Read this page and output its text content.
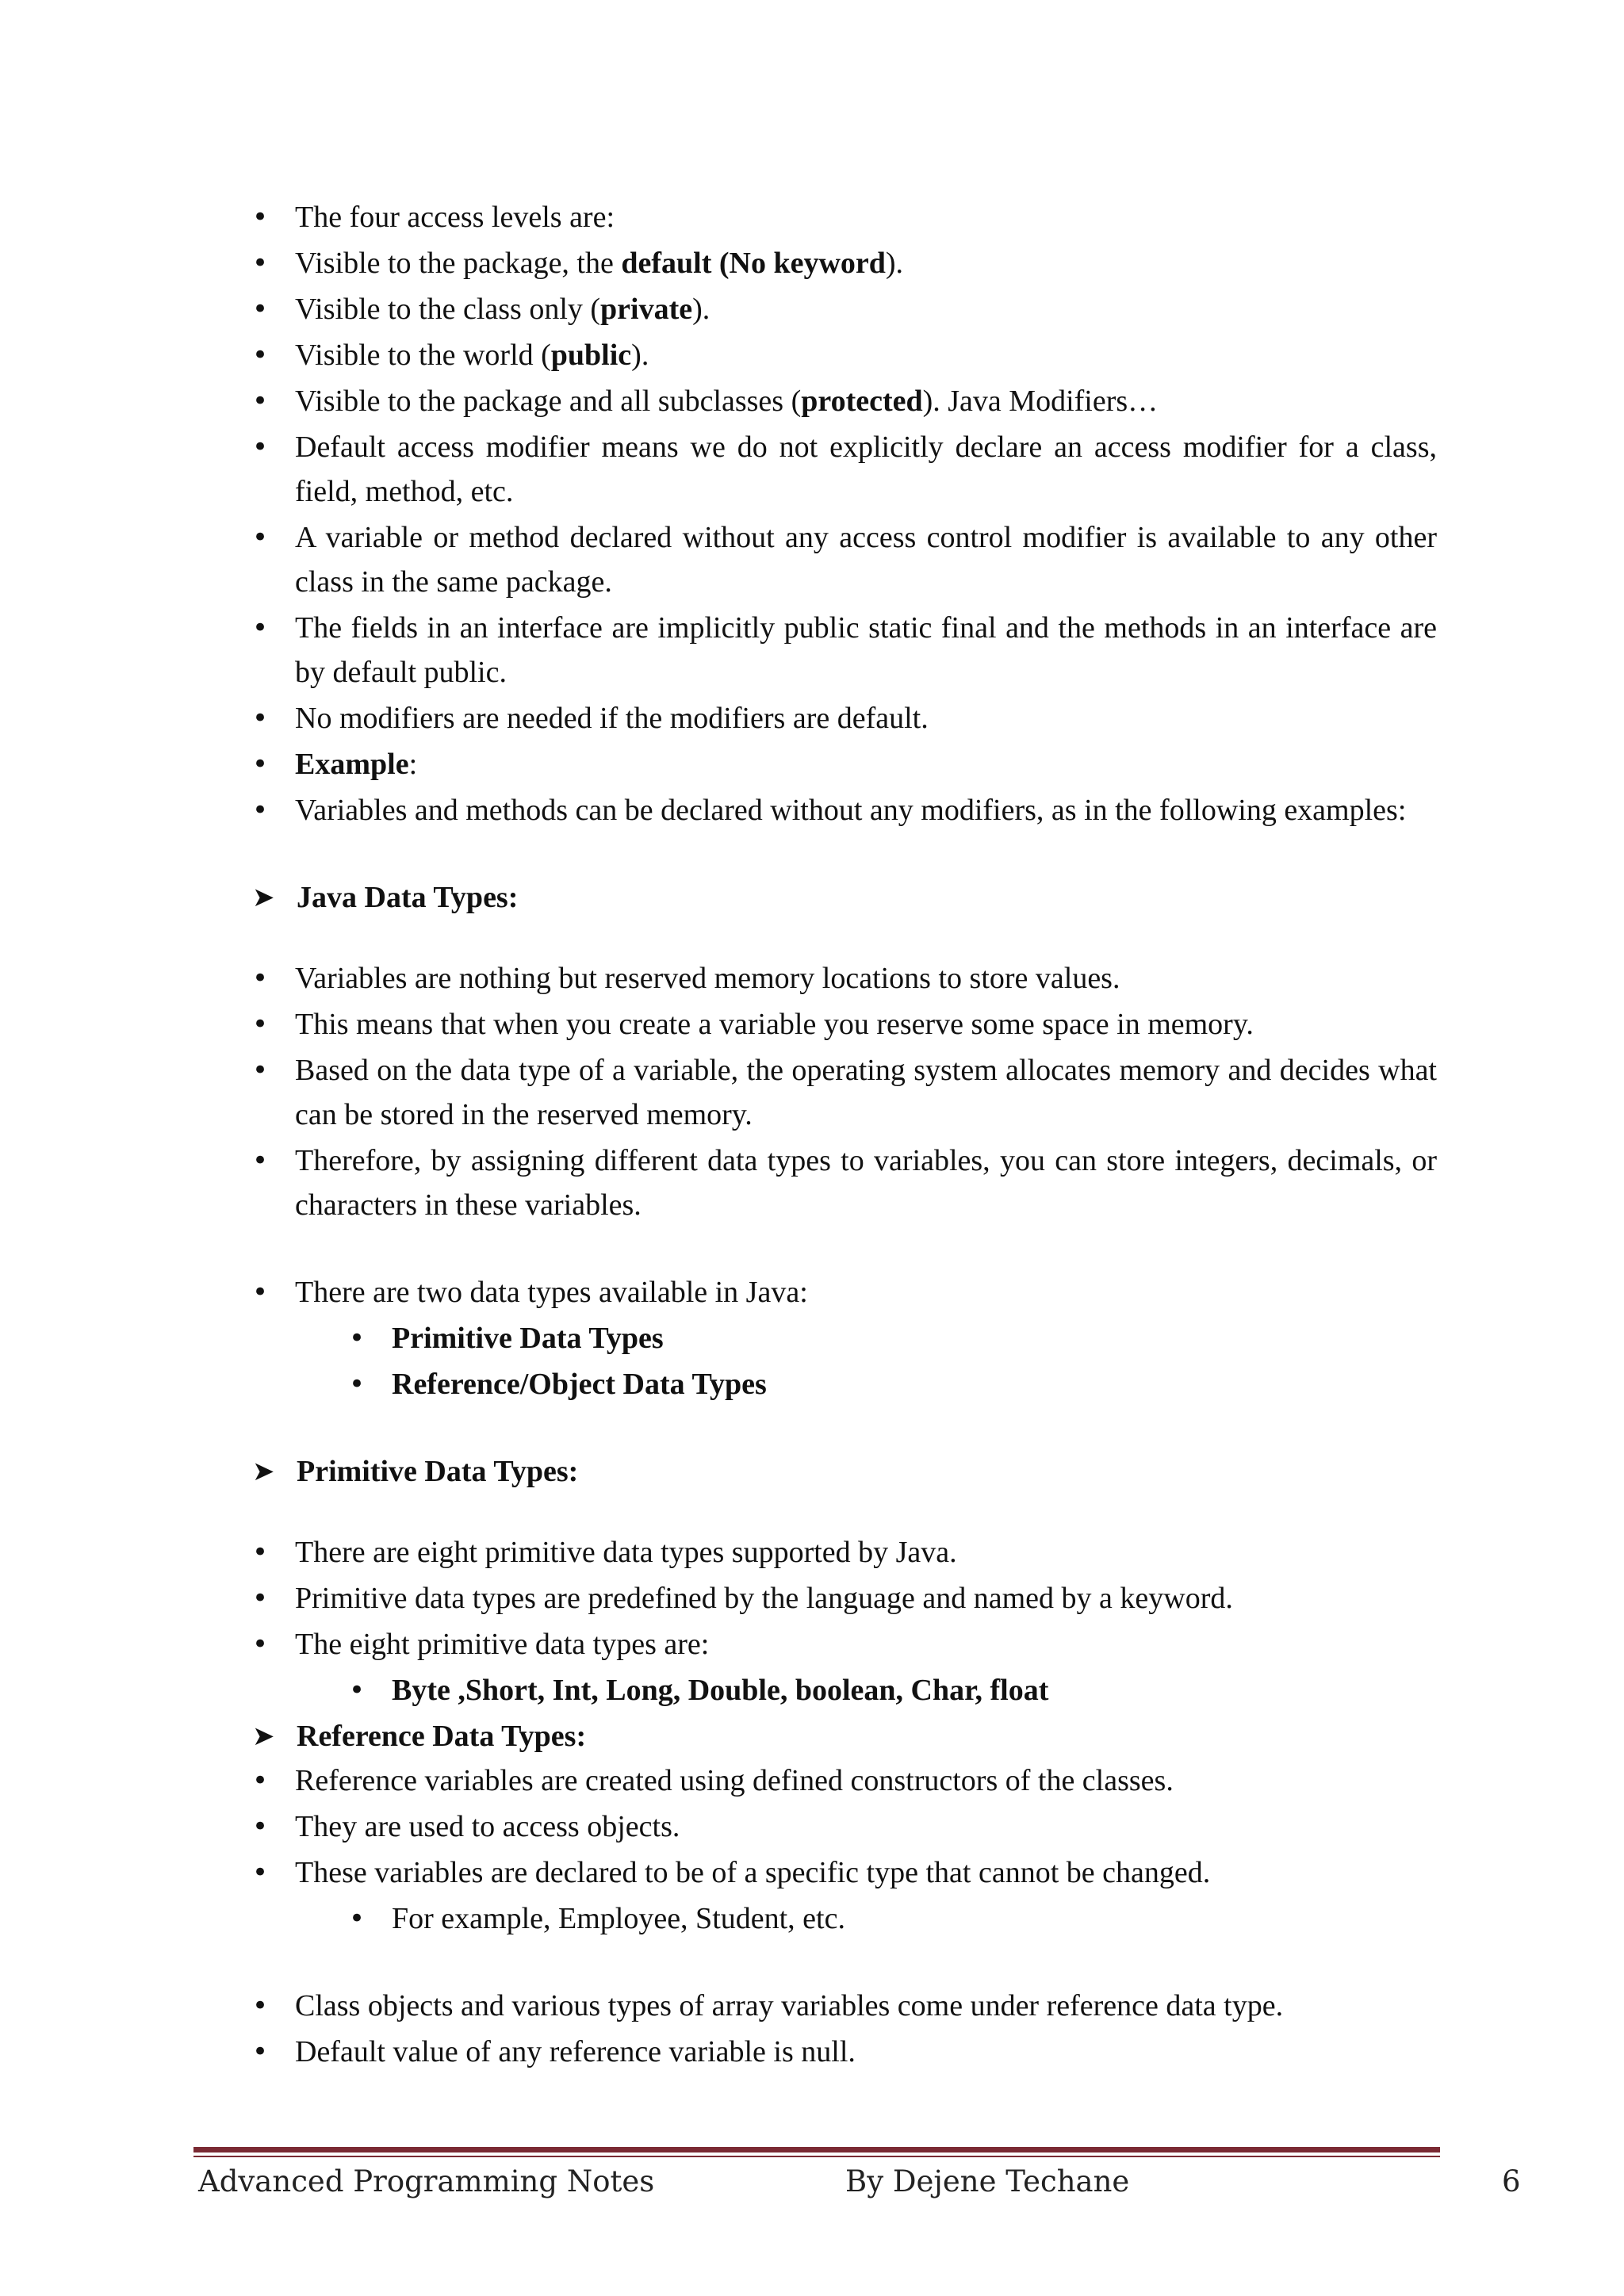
• The four access levels are:
• Visible to the package, the default (No keyword).
• Visible to the class only (private).
• Visible to the world (public).
• Visible to the package and all subclasses (protected). Java Modifiers…
• Default access modifier means we do not explicitly declare an access modifier for a class, field, method, etc.
• A variable or method declared without any access control modifier is available to any other class in the same package.
• The fields in an interface are implicitly public static final and the methods in an interface are by default public.
• No modifiers are needed if the modifiers are default.
• Example:
• Variables and methods can be declared without any modifiers, as in the following examples:
➤ Java Data Types:
• Variables are nothing but reserved memory locations to store values.
• This means that when you create a variable you reserve some space in memory.
• Based on the data type of a variable, the operating system allocates memory and decides what can be stored in the reserved memory.
• Therefore, by assigning different data types to variables, you can store integers, decimals, or characters in these variables.
• There are two data types available in Java:
• Primitive Data Types
• Reference/Object Data Types
➤ Primitive Data Types:
• There are eight primitive data types supported by Java.
• Primitive data types are predefined by the language and named by a keyword.
• The eight primitive data types are:
• Byte ,Short, Int, Long, Double, boolean, Char, float
➤ Reference Data Types:
• Reference variables are created using defined constructors of the classes.
• They are used to access objects.
• These variables are declared to be of a specific type that cannot be changed.
• For example, Employee, Student, etc.
• Class objects and various types of array variables come under reference data type.
• Default value of any reference variable is null.
Advanced Programming Notes	By Dejene Techane	6
